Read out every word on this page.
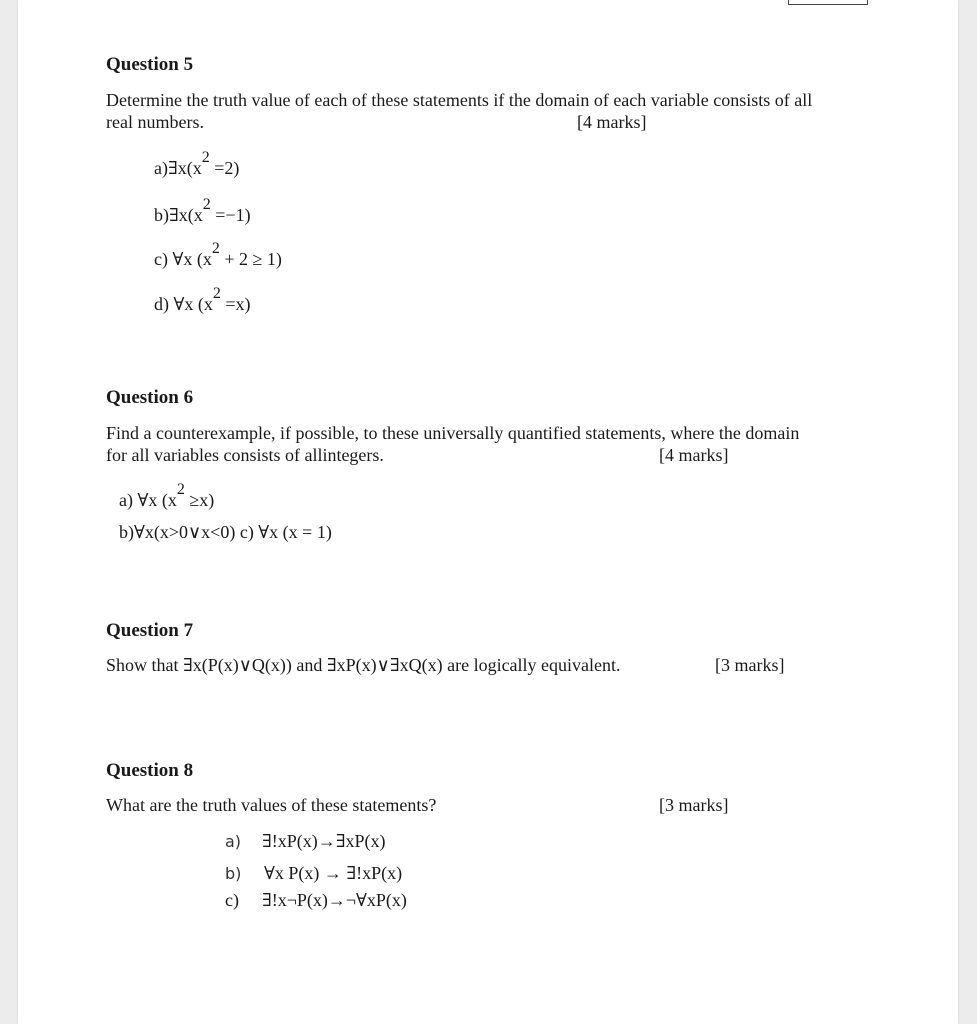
Question 5
Determine the truth value of each of these statements if the domain of each variable consists of all
real numbers.	[4 marks]
a)∃x(x2 =2)
b)∃x(x2 =−1)
c) ∀x (x2 + 2 ≥ 1)
d) ∀x (x2 =x)
Question 6
Find a counterexample, if possible, to these universally quantified statements, where the domain
for all variables consists of allintegers.	[4 marks]
a) ∀x (x2 ≥x)
b)∀x(x>0∨x<0) c) ∀x (x = 1)
Question 7
Show that ∃x(P(x)∨Q(x)) and ∃xP(x)∨∃xQ(x) are logically equivalent.	[3 marks]
Question 8
What are the truth values of these statements?	[3 marks]
a) ∃!xP(x)→∃xP(x)
b) ∀x P(x) → ∃!xP(x)
c) ∃!x¬P(x)→¬∀xP(x)
